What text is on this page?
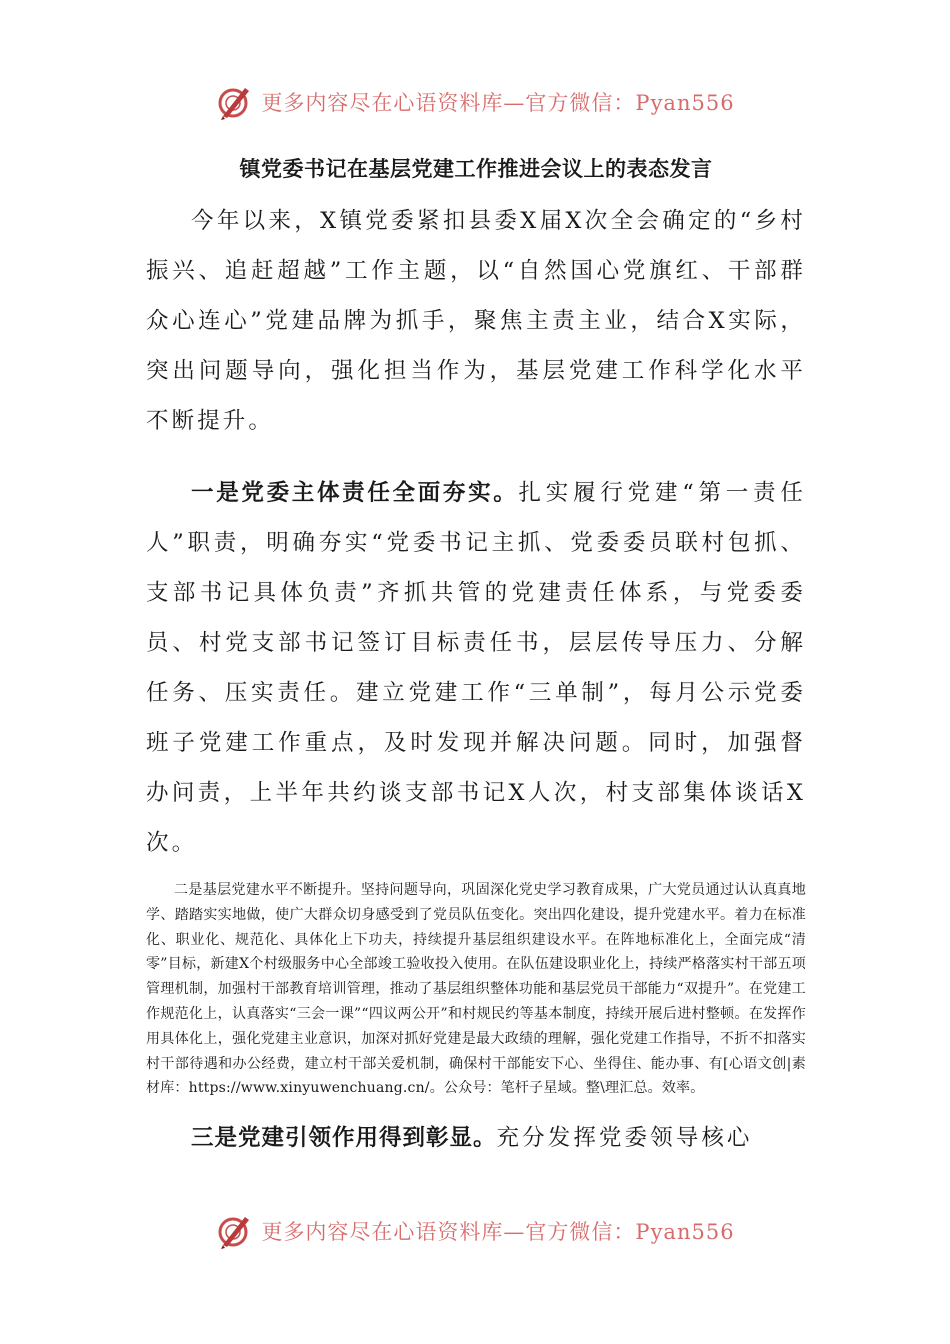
更多内容尽在心语资料库—官方微信：Pyan556
镇党委书记在基层党建工作推进会议上的表态发言

今年以来，X镇党委紧扣县委X届X次全会确定的“乡村振兴、追赶超越”工作主题，以“自然国心党旗红、干部群众心连心”党建品牌为抓手，聚焦主责主业，结合X实际，突出问题导向，强化担当作为，基层党建工作科学化水平不断提升。

一是党委主体责任全面夯实。扎实履行党建“第一责任人”职责，明确夯实“党委书记主抓、党委委员联村包抓、支部书记具体负责”齐抓共管的党建责任体系，与党委委员、村党支部书记签订目标责任书，层层传导压力、分解任务、压实责任。建立党建工作“三单制”，每月公示党委班子党建工作重点，及时发现并解决问题。同时，加强督办问责，上半年共约谈支部书记X人次，村支部集体谈话X次。

二是基层党建水平不断提升。坚持问题导向，巩固深化党史学习教育成果，广大党员通过认认真真地学、踏踏实实地做，使广大群众切身感受到了党员队伍变化。突出四化建设，提升党建水平。着力在标准化、职业化、规范化、具体化上下功夫，持续提升基层组织建设水平。在阵地标准化上，全面完成“清零”目标，新建X个村级服务中心全部竣工验收投入使用。在队伍建设职业化上，持续严格落实村干部五项管理机制，加强村干部教育培训管理，推动了基层组织整体功能和基层党员干部能力“双提升”。在党建工作规范化上，认真落实“三会一课”“四议两公开”和村规民约等基本制度，持续开展后进村整顿。在发挥作用具体化上，强化党建主业意识，加深对抓好党建是最大政绩的理解，强化党建工作指导，不折不扣落实村干部待遇和办公经费，建立村干部关爱机制，确保村干部能安下心、坐得住、能办事、有[心语文创|素材库：https://www.xinyuwenchuang.cn/。公众号：笔杆子星域。整\理汇总。效率。

三是党建引领作用得到彰显。充分发挥党委领导核心

更多内容尽在心语资料库—官方微信：Pyan556
